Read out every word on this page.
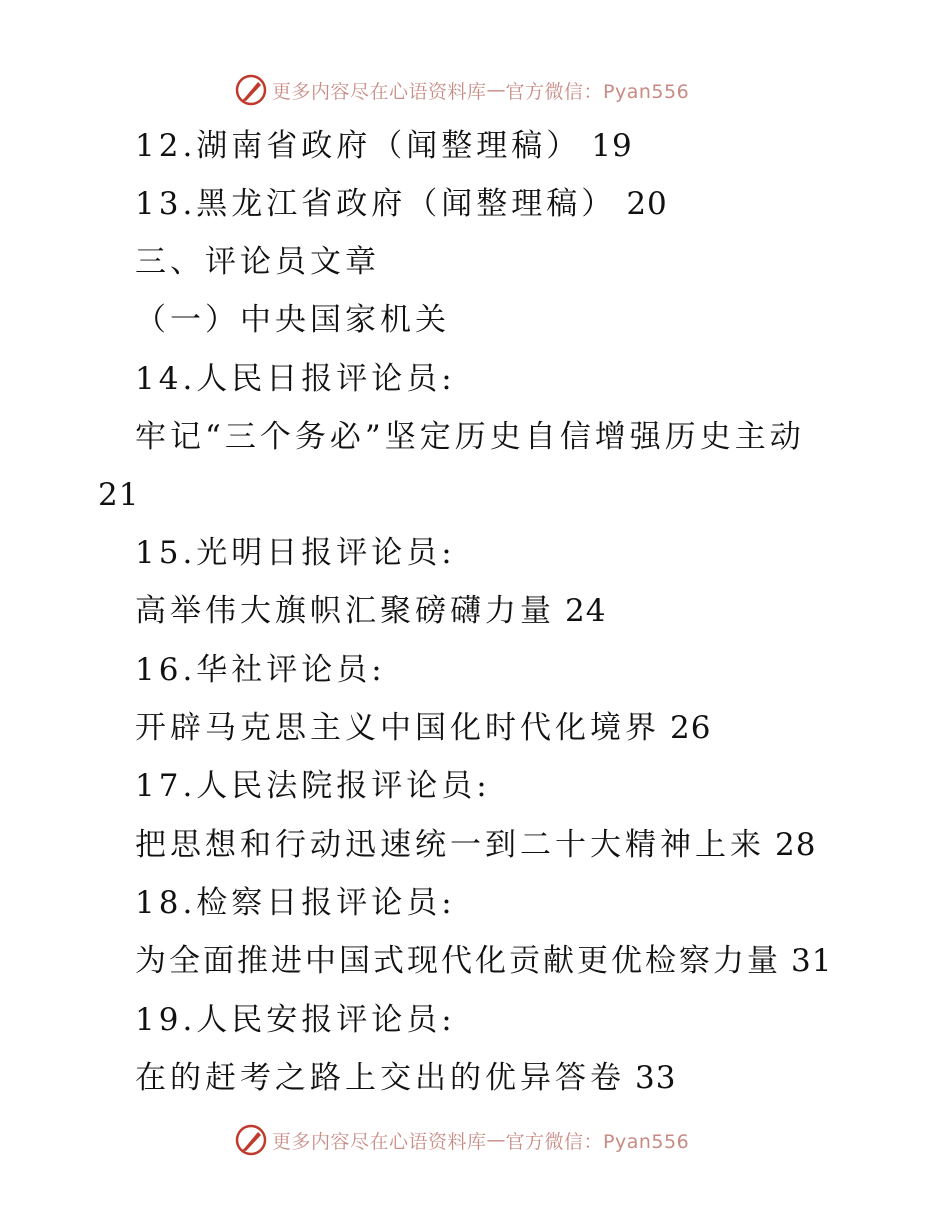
更多内容尽在心语资料库 — 官方微信：Pyan556
12.湖南省政府（闻整理稿） 19
13.黑龙江省政府（闻整理稿） 20
三、评论员文章
（一）中央国家机关
14.人民日报评论员:
牢记“三个务必”坚定历史自信增强历史主动
21
15.光明日报评论员:
高举伟大旗帜汇聚磅礴力量 24
16.华社评论员:
开辟马克思主义中国化时代化境界 26
17.人民法院报评论员:
把思想和行动迅速统一到二十大精神上来 28
18.检察日报评论员:
为全面推进中国式现代化贡献更优检察力量 31
19.人民安报评论员:
在的赶考之路上交出的优异答卷 33
更多内容尽在心语资料库 — 官方微信：Pyan556
